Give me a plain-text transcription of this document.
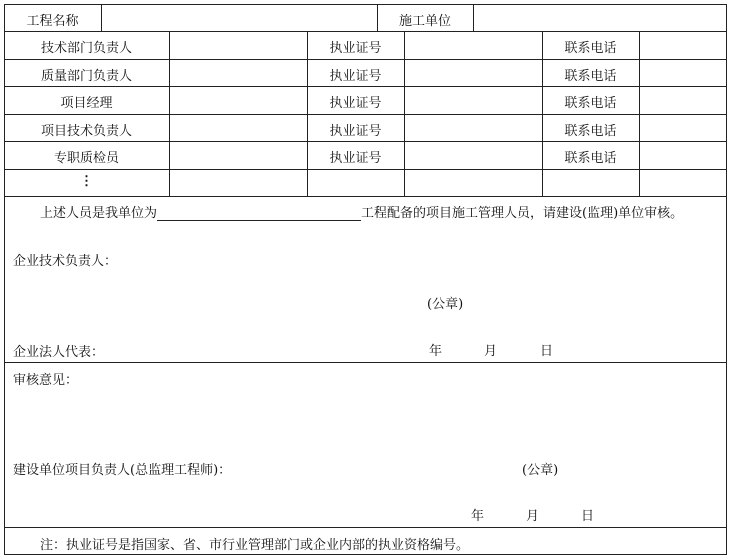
工程名称	施工单位
技术部门负责人	执业证号	联系电话
质量部门负责人	执业证号	联系电话
项目经理	执业证号	联系电话
项目技术负责人	执业证号	联系电话
专职质检员	执业证号	联系电话
⋮
上述人员是我单位为	工程配备的项目施工管理人员，请建设(监理)单位审核。
企业技术负责人：
(公章)
企业法人代表：	年	月	日
审核意见：
建设单位项目负责人(总监理工程师)：	(公章)
年	月	日
注：执业证号是指国家、省、市行业管理部门或企业内部的执业资格编号。
